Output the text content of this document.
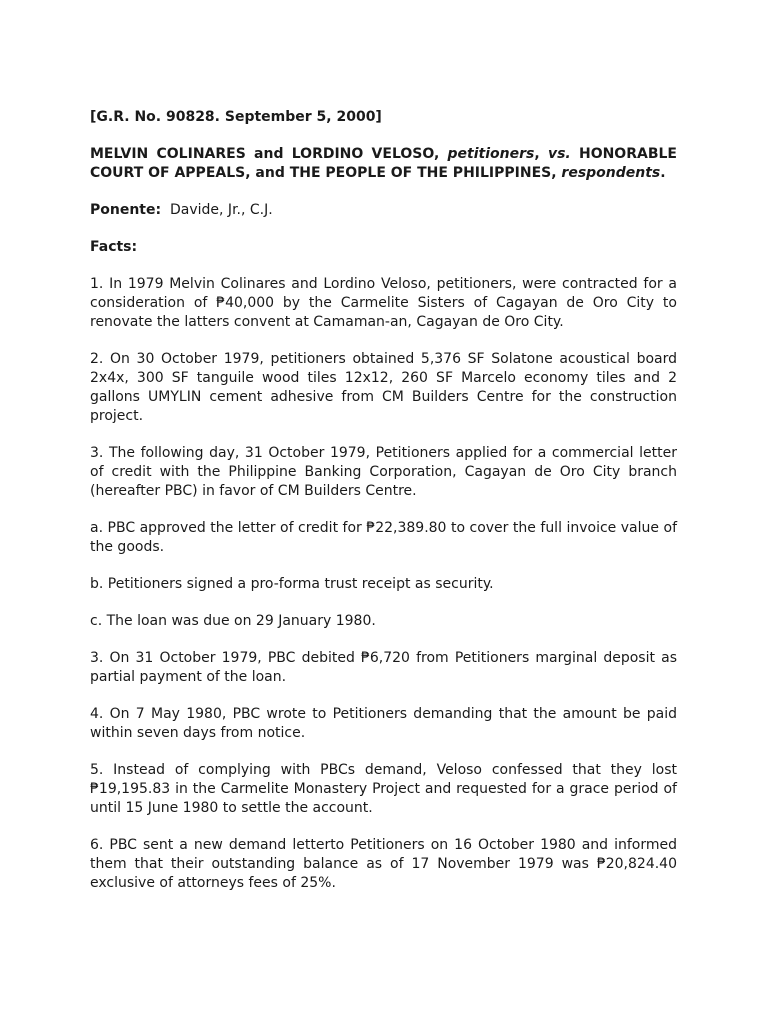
[G.R. No. 90828. September 5, 2000]

MELVIN COLINARES and LORDINO VELOSO, petitioners, vs. HONORABLE COURT OF APPEALS, and THE PEOPLE OF THE PHILIPPINES, respondents.

Ponente: Davide, Jr., C.J.

Facts:

1. In 1979 Melvin Colinares and Lordino Veloso, petitioners, were contracted for a consideration of ₱40,000 by the Carmelite Sisters of Cagayan de Oro City to renovate the latters convent at Camaman-an, Cagayan de Oro City.

2. On 30 October 1979, petitioners obtained 5,376 SF Solatone acoustical board 2x4x, 300 SF tanguile wood tiles 12x12, 260 SF Marcelo economy tiles and 2 gallons UMYLIN cement adhesive from CM Builders Centre for the construction project.

3. The following day, 31 October 1979, Petitioners applied for a commercial letter of credit with the Philippine Banking Corporation, Cagayan de Oro City branch (hereafter PBC) in favor of CM Builders Centre.

a. PBC approved the letter of credit for ₱22,389.80 to cover the full invoice value of the goods.

b. Petitioners signed a pro-forma trust receipt as security.

c. The loan was due on 29 January 1980.

3. On 31 October 1979, PBC debited ₱6,720 from Petitioners marginal deposit as partial payment of the loan.

4. On 7 May 1980, PBC wrote to Petitioners demanding that the amount be paid within seven days from notice.

5. Instead of complying with PBCs demand, Veloso confessed that they lost ₱19,195.83 in the Carmelite Monastery Project and requested for a grace period of until 15 June 1980 to settle the account.

6. PBC sent a new demand letterto Petitioners on 16 October 1980 and informed them that their outstanding balance as of 17 November 1979 was ₱20,824.40 exclusive of attorneys fees of 25%.
